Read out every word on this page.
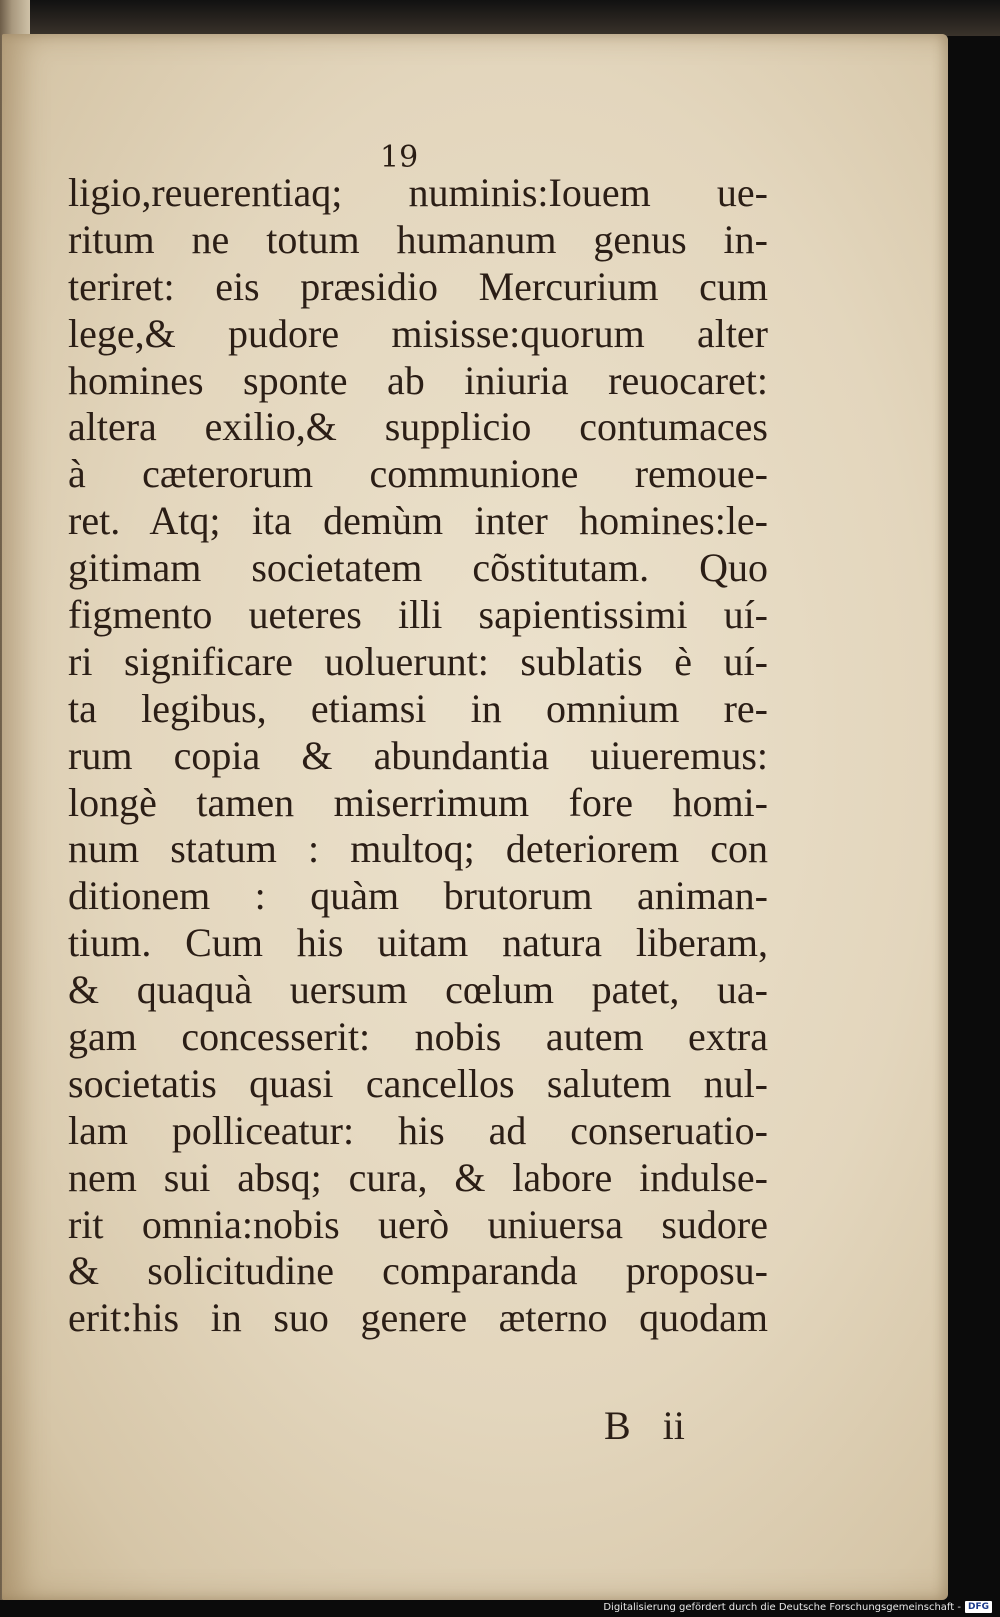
19
ligio,reuerentiaq; numinis:Iouem ue-
ritum ne totum humanum genus in-
teriret: eis præsidio Mercurium cum
lege,& pudore misisse:quorum alter
homines sponte ab iniuria reuocaret:
altera exilio,& supplicio contumaces
à cæterorum communione remoue-
ret. Atq; ita demùm inter homines:le-
gitimam societatem cõstitutam. Quo
figmento ueteres illi sapientissimi uí-
ri significare uoluerunt: sublatis è uí-
ta legibus, etiamsi in omnium re-
rum copia & abundantia uiueremus:
longè tamen miserrimum fore homi-
num statum : multoq; deteriorem con
ditionem : quàm brutorum animan-
tium. Cum his uitam natura liberam,
& quaquà uersum cœlum patet, ua-
gam concesserit: nobis autem extra
societatis quasi cancellos salutem nul-
lam polliceatur: his ad conseruatio-
nem sui absq; cura, & labore indulse-
rit omnia:nobis uerò uniuersa sudore
& solicitudine comparanda proposu-
erit:his in suo genere æterno quodam
B ii
Digitalisierung gefördert durch die Deutsche Forschungsgemeinschaft - DFG
